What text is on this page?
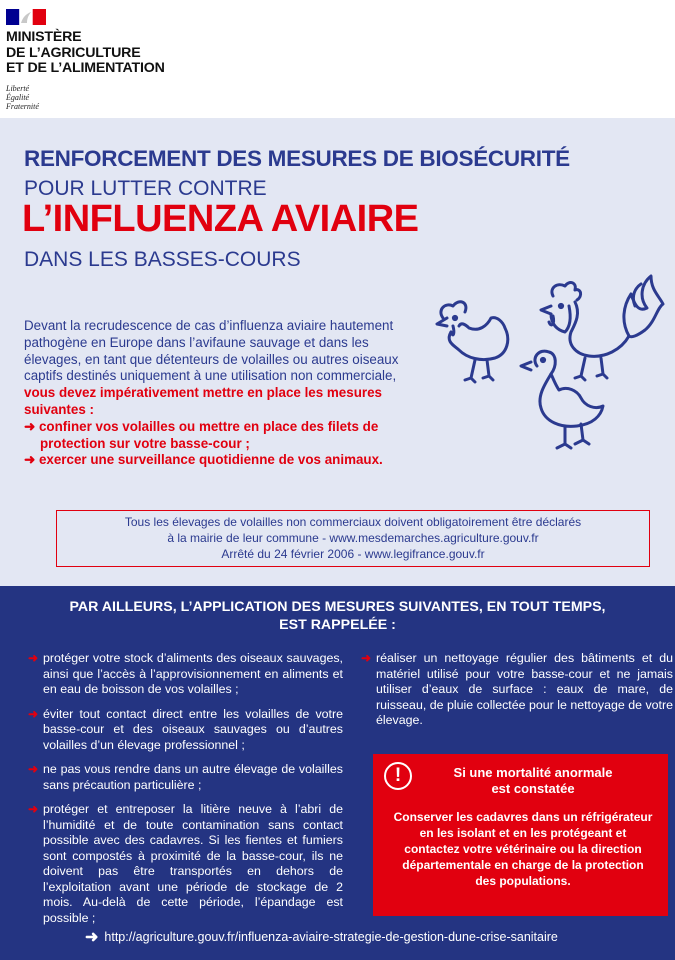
MINISTÈRE
DE L’AGRICULTURE
ET DE L’ALIMENTATION
Liberté
Égalité
Fraternité
RENFORCEMENT DES MESURES DE BIOSÉCURITÉ
POUR LUTTER CONTRE
L’INFLUENZA AVIAIRE
DANS LES BASSES-COURS
Devant la recrudescence de cas d’influenza aviaire hautement pathogène en Europe dans l’avifaune sauvage et dans les élevages, en tant que détenteurs de volailles ou autres oiseaux captifs destinés uniquement à une utilisation non commerciale, vous devez impérativement mettre en place les mesures suivantes :
➜ confiner vos volailles ou mettre en place des filets de protection sur votre basse-cour ;
➜ exercer une surveillance quotidienne de vos animaux.
Tous les élevages de volailles non commerciaux doivent obligatoirement être déclarés
à la mairie de leur commune - www.mesdemarches.agriculture.gouv.fr
Arrêté du 24 février 2006 - www.legifrance.gouv.fr
PAR AILLEURS, L’APPLICATION DES MESURES SUIVANTES, EN TOUT TEMPS,
EST RAPPELÉE :
➜ protéger votre stock d’aliments des oiseaux sauvages, ainsi que l’accès à l’approvisionnement en aliments et en eau de boisson de vos volailles ;
➜ éviter tout contact direct entre les volailles de votre basse-cour et des oiseaux sauvages ou d’autres volailles d’un élevage professionnel ;
➜ ne pas vous rendre dans un autre élevage de volailles sans précaution particulière ;
➜ protéger et entreposer la litière neuve à l’abri de l’humidité et de toute contamination sans contact possible avec des cadavres. Si les fientes et fumiers sont compostés à proximité de la basse-cour, ils ne doivent pas être transportés en dehors de l’exploitation avant une période de stockage de 2 mois. Au-delà de cette période, l’épandage est possible ;
➜ réaliser un nettoyage régulier des bâtiments et du matériel utilisé pour votre basse-cour et ne jamais utiliser d’eaux de surface : eaux de mare, de ruisseau, de pluie collectée pour le nettoyage de votre élevage.
!	Si une mortalité anormale
est constatée
Conserver les cadavres dans un réfrigérateur en les isolant et en les protégeant et contactez votre vétérinaire ou la direction départementale en charge de la protection des populations.
➜ http://agriculture.gouv.fr/influenza-aviaire-strategie-de-gestion-dune-crise-sanitaire
